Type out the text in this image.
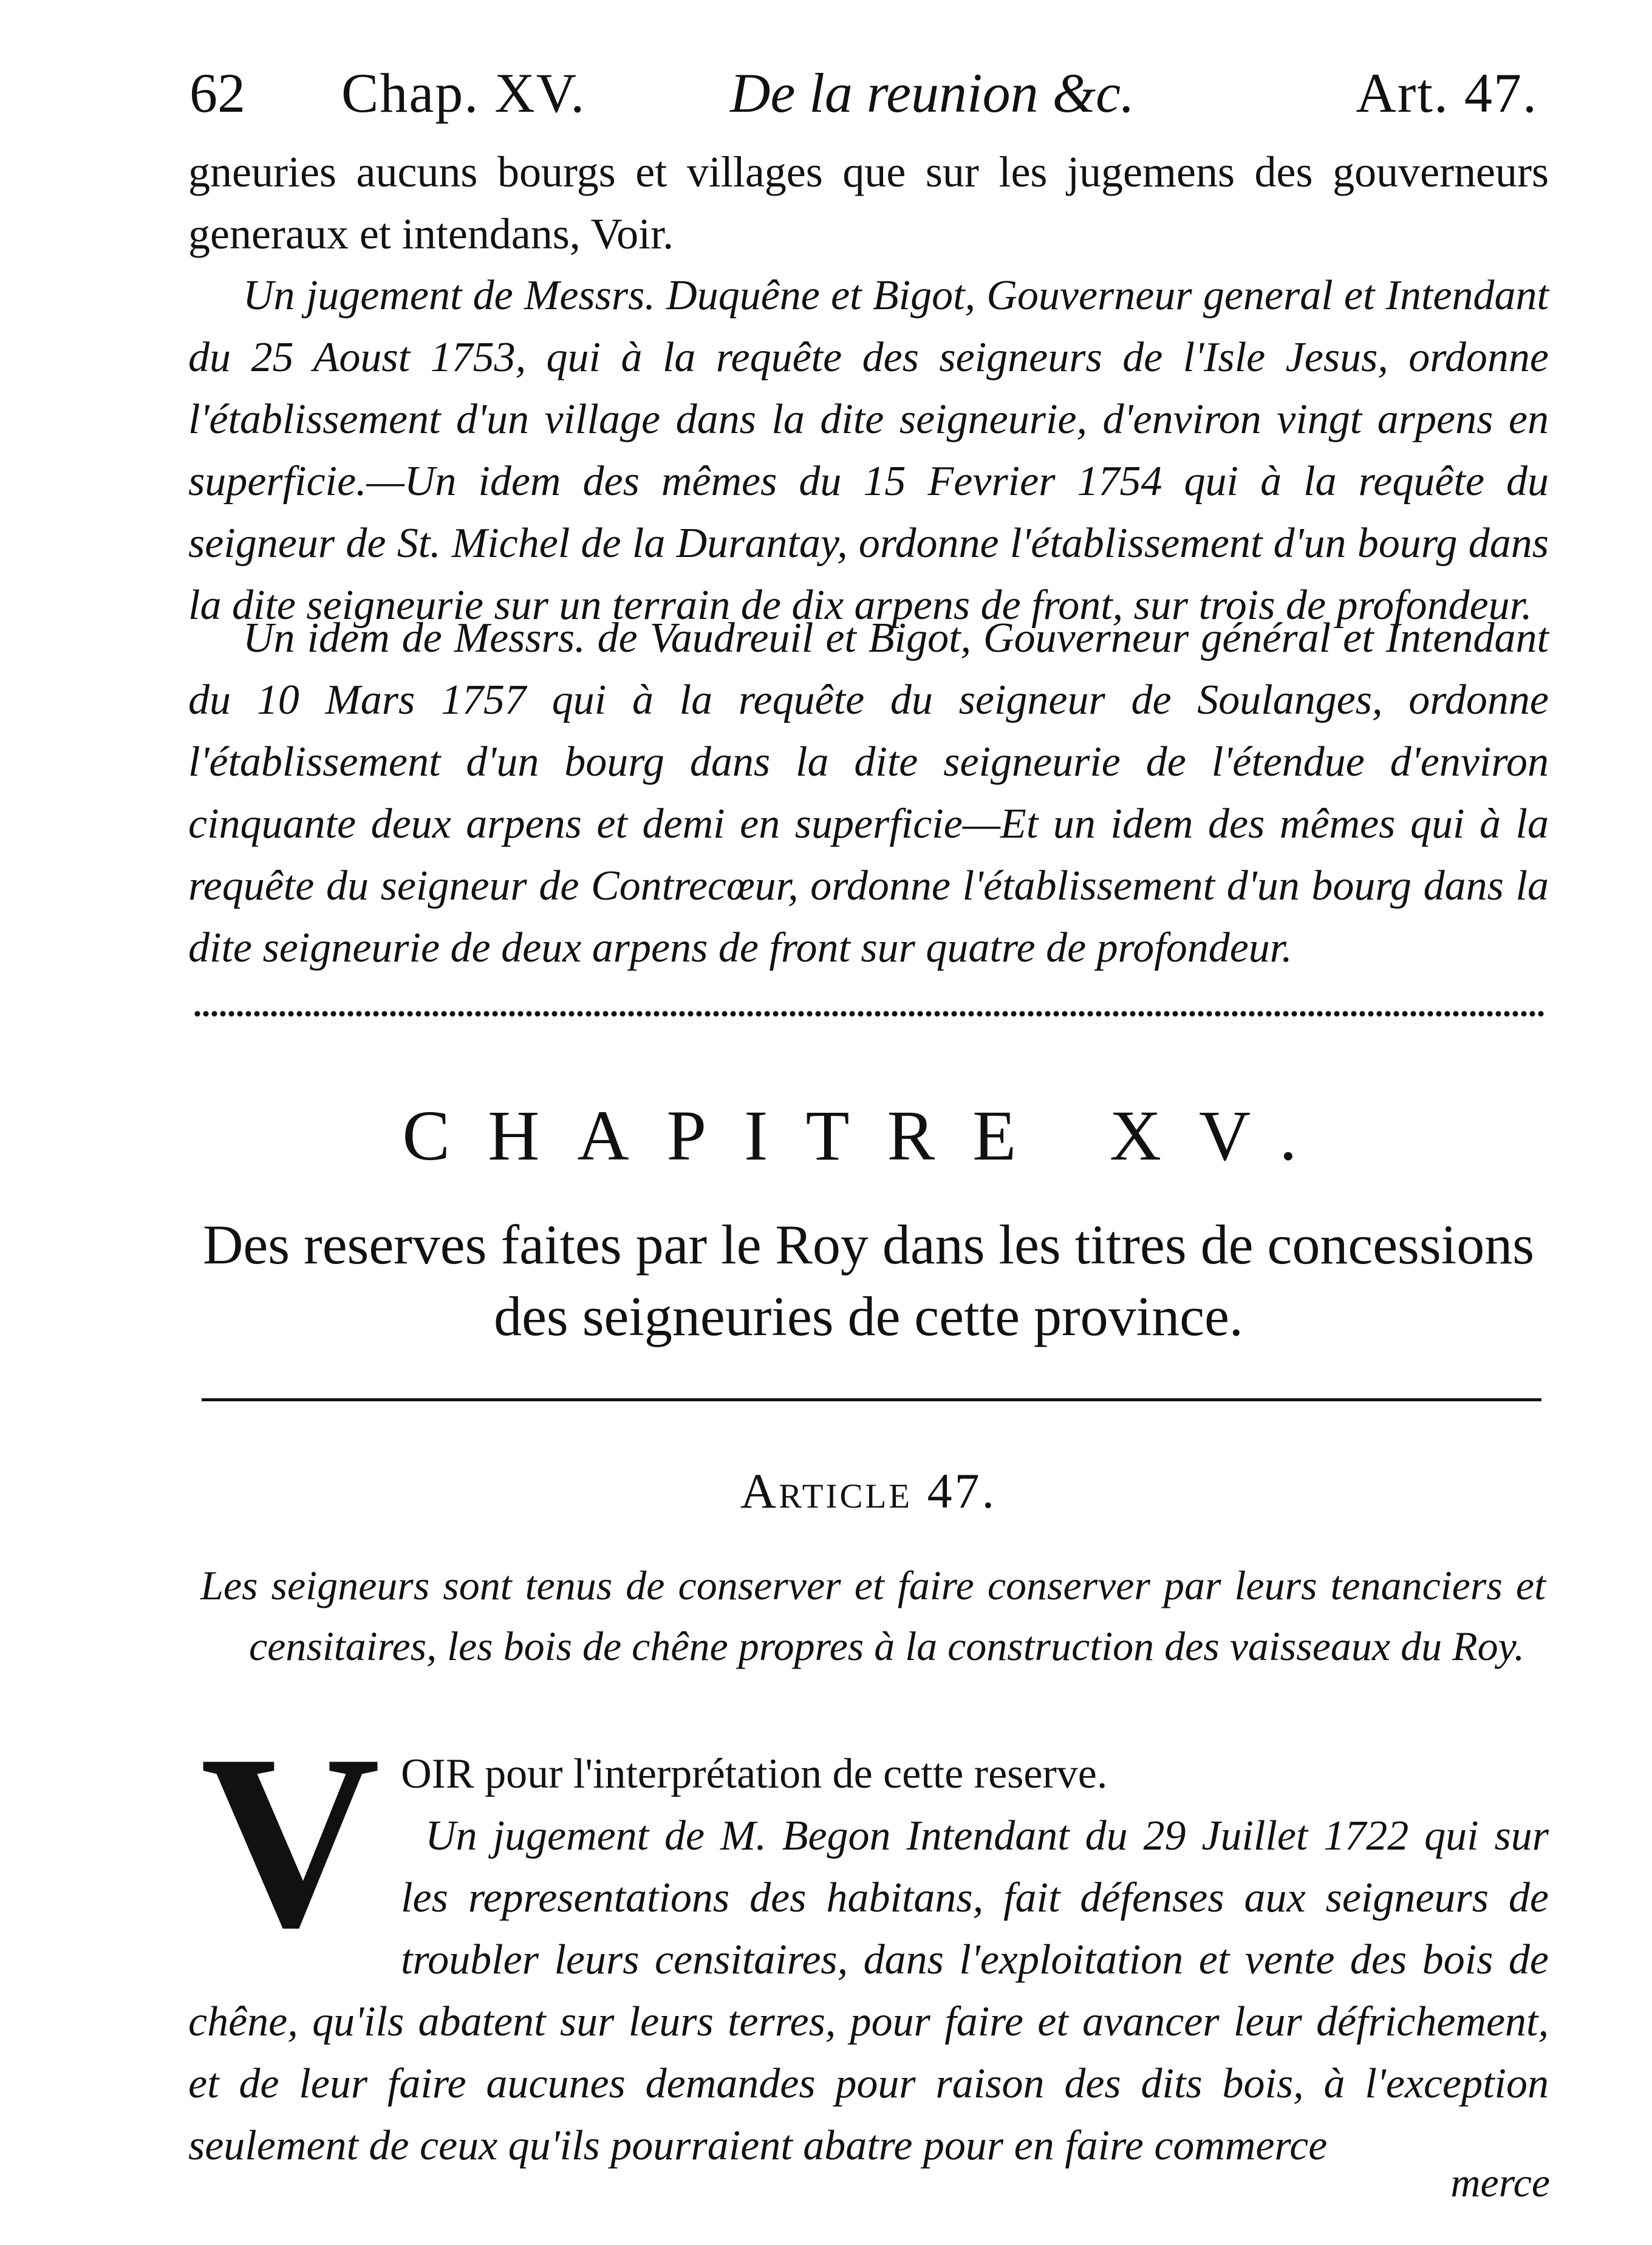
62 Chap. XV.	De la reunion &c.	Art. 47.

gneuries aucuns bourgs et villages que sur les jugemens des gouverneurs generaux et intendans, Voir.

Un jugement de Messrs. Duquêne et Bigot, Gouverneur general et Intendant du 25 Aoust 1753, qui à la requête des seigneurs de l'Isle Jesus, ordonne l'établissement d'un village dans la dite seigneurie, d'environ vingt arpens en superficie.—Un idem des mêmes du 15 Fevrier 1754 qui à la requête du seigneur de St. Michel de la Durantay, ordonne l'établissement d'un bourg dans la dite seigneurie sur un terrain de dix arpens de front, sur trois de profondeur.

Un idem de Messrs. de Vaudreuil et Bigot, Gouverneur général et Intendant du 10 Mars 1757 qui à la requête du seigneur de Soulanges, ordonne l'établissement d'un bourg dans la dite seigneurie de l'étendue d'environ cinquante deux arpens et demi en superficie—Et un idem des mêmes qui à la requête du seigneur de Contrecœur, ordonne l'établissement d'un bourg dans la dite seigneurie de deux arpens de front sur quatre de profondeur.

CHAPITRE XV.
Des reserves faites par le Roy dans les titres de concessions des seigneuries de cette province.
Article 47.
Les seigneurs sont tenus de conserver et faire conserver par leurs tenanciers et censitaires, les bois de chêne propres à la construction des vaisseaux du Roy.
V OIR pour l'interprétation de cette reserve.

Un jugement de M. Begon Intendant du 29 Juillet 1722 qui sur les representations des habitans, fait défenses aux seigneurs de troubler leurs censitaires, dans l'exploitation et vente des bois de chêne, qu'ils abatent sur leurs terres, pour faire et avancer leur défrichement, et de leur faire aucunes demandes pour raison des dits bois, à l'exception seulement de ceux qu'ils pourraient abatre pour en faire commerce

merce
